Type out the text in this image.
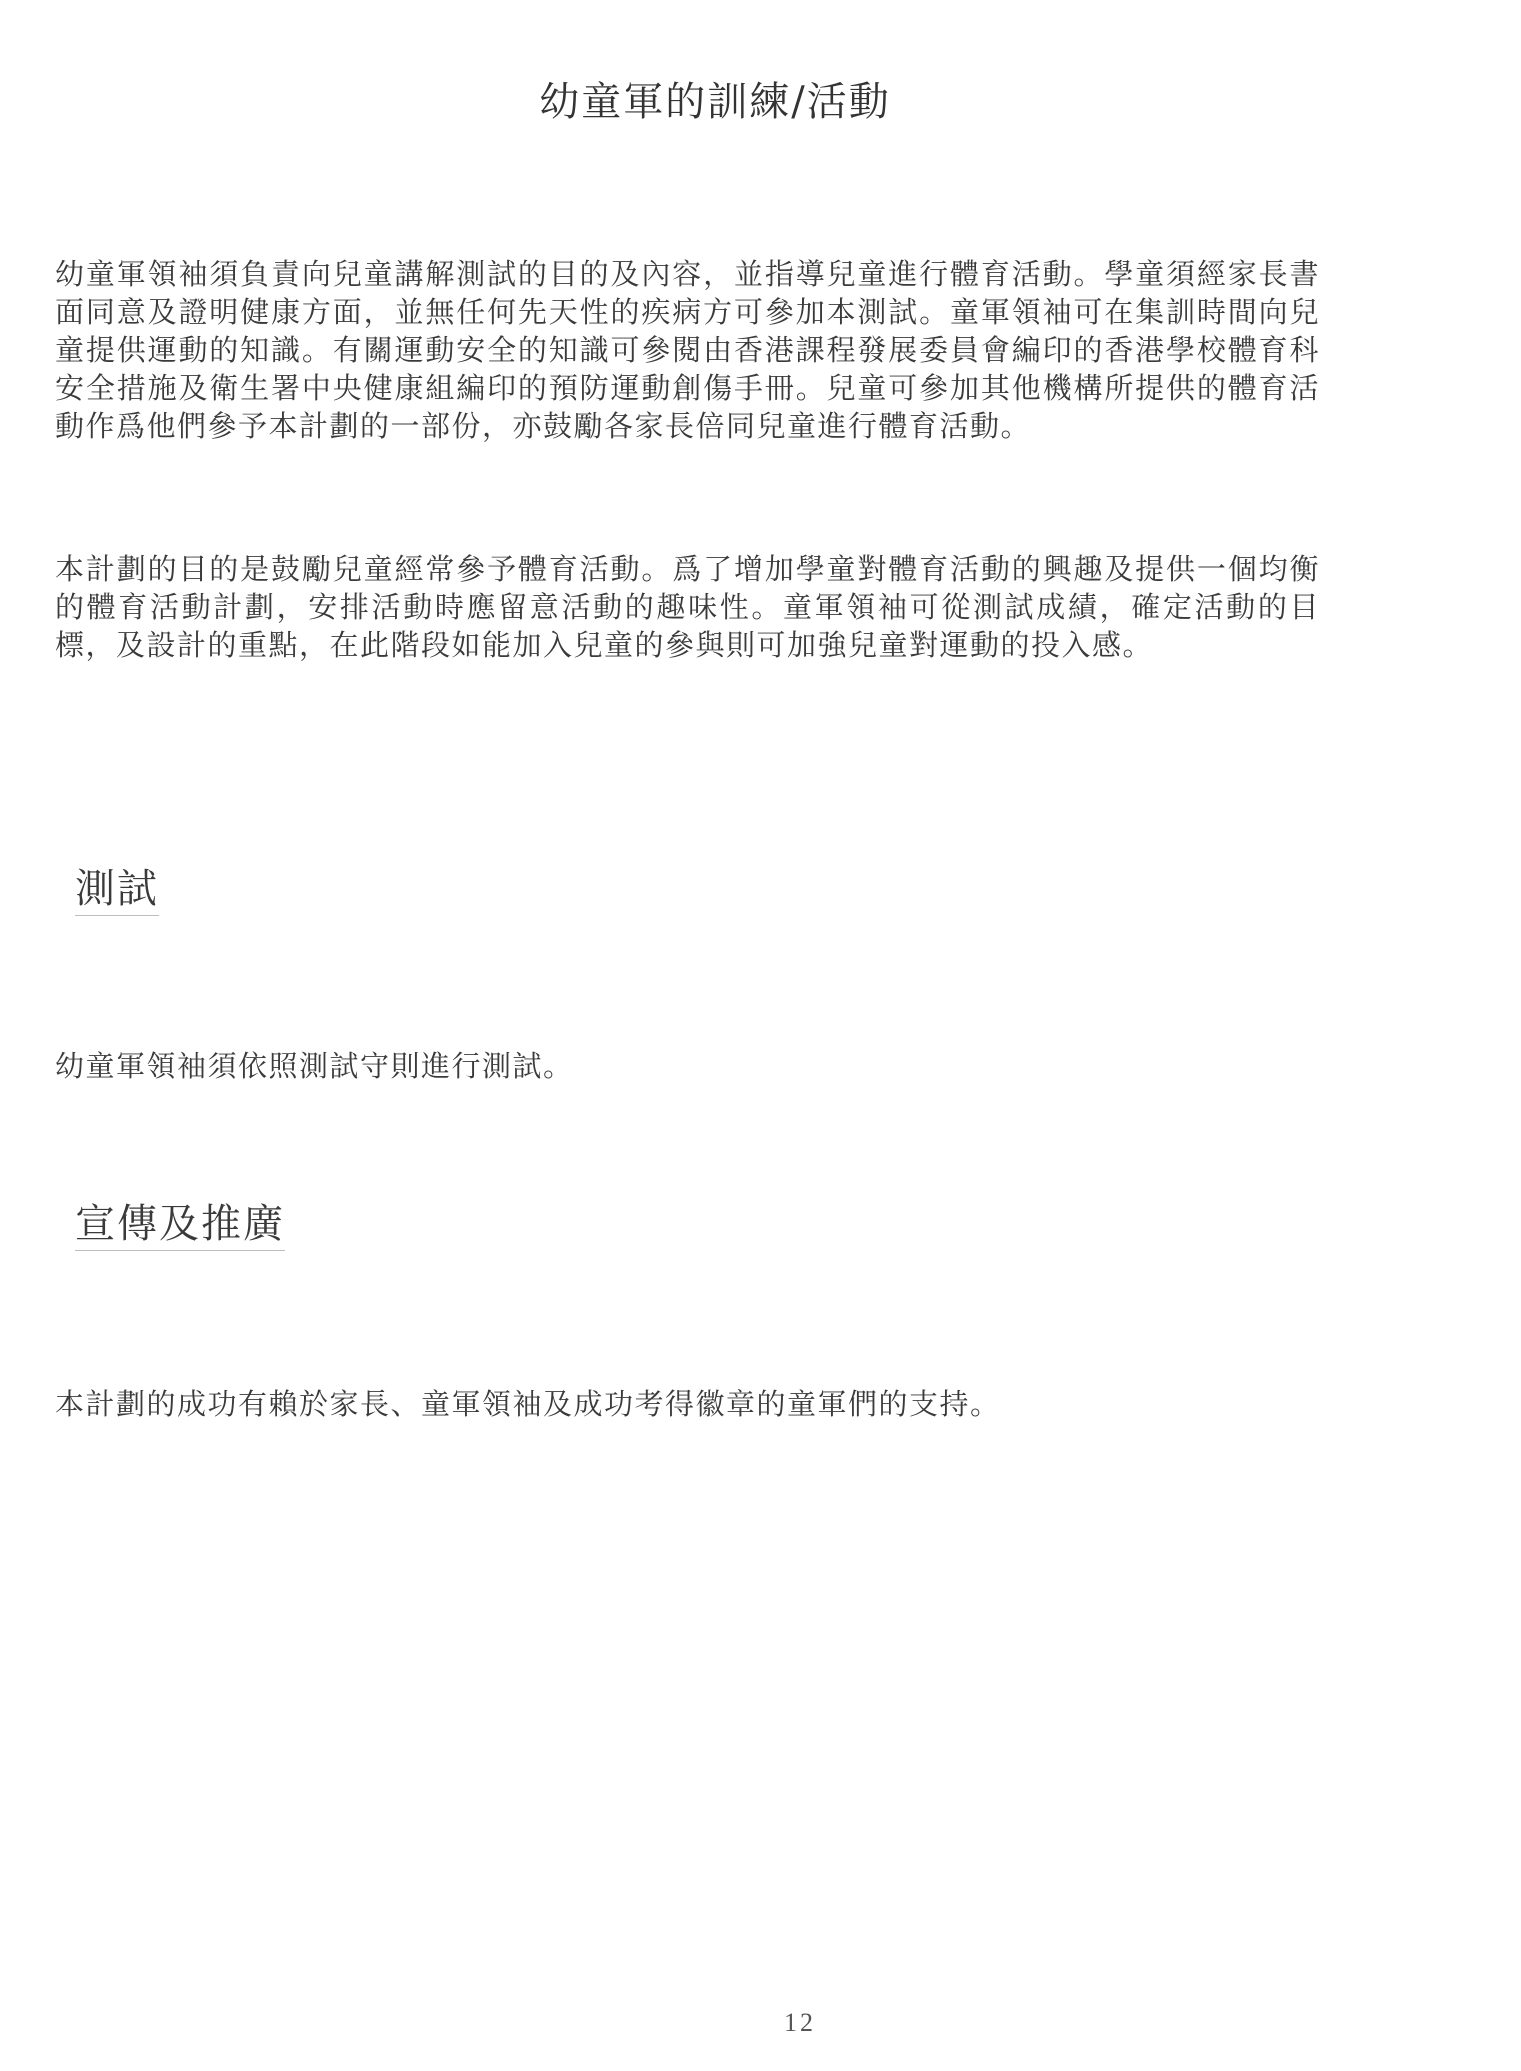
幼童軍的訓練/活動

幼童軍領袖須負責向兒童講解測試的目的及內容，並指導兒童進行體育活動。學童須經家長書面同意及證明健康方面，並無任何先天性的疾病方可參加本測試。童軍領袖可在集訓時間向兒童提供運動的知識。有關運動安全的知識可參閱由香港課程發展委員會編印的香港學校體育科安全措施及衛生署中央健康組編印的預防運動創傷手冊。兒童可參加其他機構所提供的體育活動作爲他們參予本計劃的一部份，亦鼓勵各家長倍同兒童進行體育活動。

本計劃的目的是鼓勵兒童經常參予體育活動。爲了增加學童對體育活動的興趣及提供一個均衡的體育活動計劃，安排活動時應留意活動的趣味性。童軍領袖可從測試成績，確定活動的目標，及設計的重點，在此階段如能加入兒童的參與則可加強兒童對運動的投入感。

測試

幼童軍領袖須依照測試守則進行測試。

宣傳及推廣

本計劃的成功有賴於家長、童軍領袖及成功考得徽章的童軍們的支持。

12
